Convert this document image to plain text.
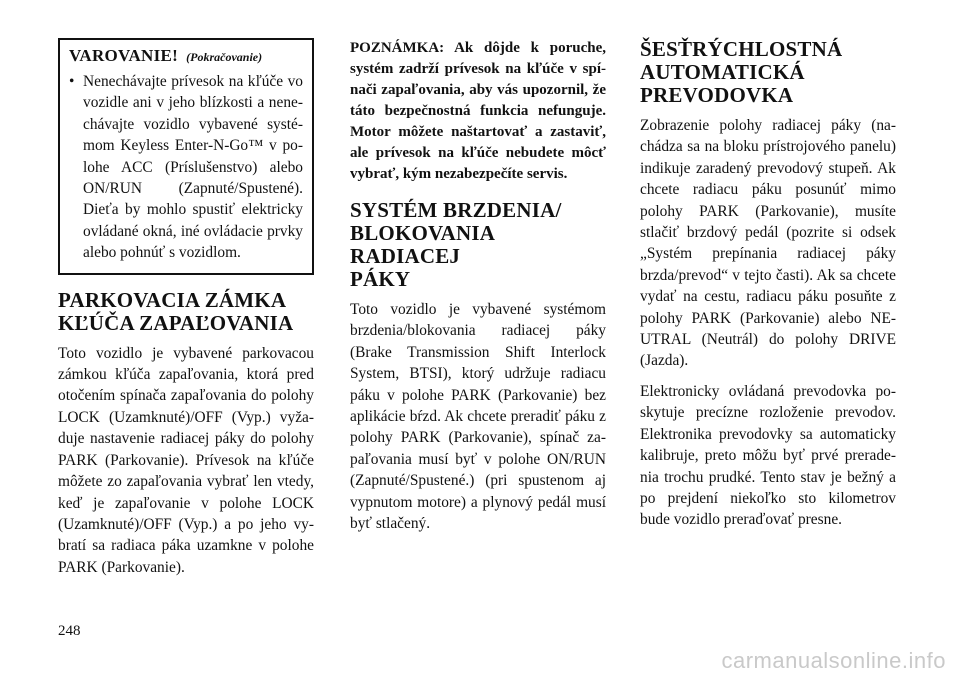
VAROVANIE! (Pokračovanie)
• Nenechávajte prívesok na kľúče vo vozidle ani v jeho blízkosti a nenechávajte vozidlo vybavené systémom Keyless Enter-N-Go™ v polohe ACC (Príslušenstvo) alebo ON/RUN (Zapnuté/Spustené). Dieťa by mohlo spustiť elektricky ovládané okná, iné ovládacie prvky alebo pohnúť s vozidlom.
PARKOVACIA ZÁMKA
KĽÚČA ZAPAĽOVANIA

Toto vozidlo je vybavené parkovacou zámkou kľúča zapaľovania, ktorá pred otočením spínača zapaľovania do polohy LOCK (Uzamknuté)/OFF (Vyp.) vyžaduje nastavenie radiacej páky do polohy PARK (Parkovanie). Prívesok na kľúče môžete zo zapaľovania vybrať len vtedy, keď je zapaľovanie v polohe LOCK (Uzamknuté)/OFF (Vyp.) a po jeho vybratí sa radiaca páka uzamkne v polohe PARK (Parkovanie).

POZNÁMKA: Ak dôjde k poruche, systém zadrží prívesok na kľúče v spínači zapaľovania, aby vás upozornil, že táto bezpečnostná funkcia nefunguje. Motor môžete naštartovať a zastaviť, ale prívesok na kľúče nebudete môcť vybrať, kým nezabezpečíte servis.

SYSTÉM BRZDENIA/
BLOKOVANIA RADIACEJ
PÁKY

Toto vozidlo je vybavené systémom brzdenia/blokovania radiacej páky (Brake Transmission Shift Interlock System, BTSI), ktorý udržuje radiacu páku v polohe PARK (Parkovanie) bez aplikácie bŕzd. Ak chcete preradiť páku z polohy PARK (Parkovanie), spínač zapaľovania musí byť v polohe ON/RUN (Zapnuté/Spustené.) (pri spustenom aj vypnutom motore) a plynový pedál musí byť stlačený.

ŠESŤRÝCHLOSTNÁ
AUTOMATICKÁ
PREVODOVKA

Zobrazenie polohy radiacej páky (nachádza sa na bloku prístrojového panelu) indikuje zaradený prevodový stupeň. Ak chcete radiacu páku posunúť mimo polohy PARK (Parkovanie), musíte stlačiť brzdový pedál (pozrite si odsek „Systém prepínania radiacej páky brzda/prevod“ v tejto časti). Ak sa chcete vydať na cestu, radiacu páku posuňte z polohy PARK (Parkovanie) alebo NEUTRAL (Neutrál) do polohy DRIVE (Jazda).

Elektronicky ovládaná prevodovka poskytuje precízne rozloženie prevodov. Elektronika prevodovky sa automaticky kalibruje, preto môžu byť prvé preradenia trochu prudké. Tento stav je bežný a po prejdení niekoľko sto kilometrov bude vozidlo preraďovať presne.

248
carmanualsonline.info
